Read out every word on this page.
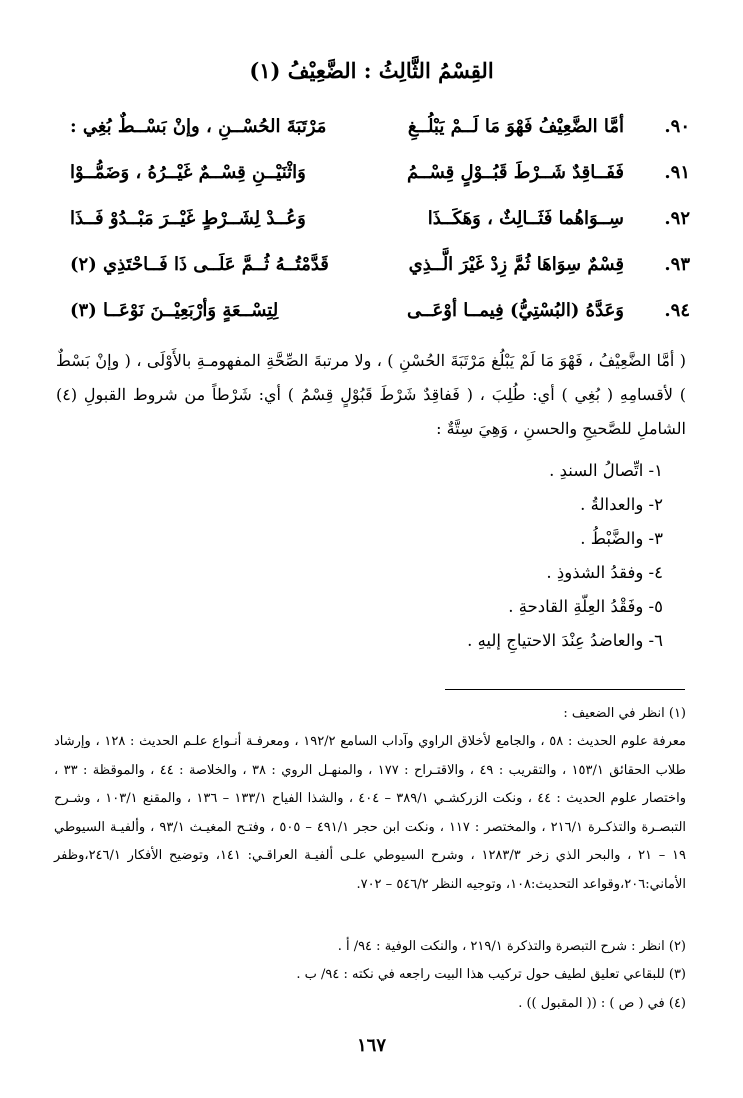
القِسْمُ الثَّالِثُ : الضَّعِيْفُ (١)
٩٠.
أمَّا الضَّعِيْفُ فَهْوَ مَا لَــمْ يَبْلُــغِ
مَرْتَبَةَ الحُسْــنِ ، وإنْ بَسْــطٌ بُغِي :
٩١.
فَفَــاقِدٌ شَــرْطَ قَبُــوْلٍ قِسْــمُ
وَاثْنَيْــنِ قِسْــمٌ غَيْــرُهُ ، وَضَمُّــوْا
٩٢.
سِــوَاهُما فَثَــالِثٌ ، وَهَكَــذَا
وَعُــدْ لِشَــرْطٍ غَيْــرَ مَبْــدُوْ فَــذَا
٩٣.
قِسْمٌ سِوَاهَا ثُمَّ زِدْ غَيْرَ الَّــذِي
قَدَّمْتُــهُ ثُــمَّ عَلَــى ذَا فَــاحْتَذِي (٢)
٩٤.
وَعَدَّهُ (البُسْتِيُّ) فِيمــا أوْعَــى
لِتِسْــعَةٍ وَأرْبَعِيْــنَ نَوْعَــا (٣)
( أمَّا الضَّعِيْفُ ، فَهْوَ مَا لَمْ يَبْلُغ مَرْتَبَةَ الحُسْنِ ) ، ولا مرتبةَ الصِّحَّةِ المفهومـةِ بالأَوْلَى ، ( وإنْ بَسْطٌ ) لأقسامِهِ ( بُغِي ) أي: طُلِبَ ، ( فَفاقِدٌ شَرْطَ قَبُوْلٍ قِسْمُ ) أي: شَرْطاً من شروط القبولِ (٤) الشاملِ للصَّحيحِ والحسنِ ، وَهِيَ سِتَّةٌ :
١- اتِّصالُ السندِ .
٢- والعدالةُ .
٣- والضَّبْطُ .
٤- وفقدُ الشذوذِ .
٥- وفَقْدُ العِلّةِ القادحةِ .
٦- والعاضدُ عِنْدَ الاحتياجِ إليهِ .
(١) انظر في الضعيف :
معرفة علوم الحديث : ٥٨ ، والجامع لأخلاق الراوي وآداب السامع ١٩٢/٢ ، ومعرفـة أنـواع علـم الحديث : ١٢٨ ، وإرشاد طلاب الحقائق ١٥٣/١ ، والتقريب : ٤٩ ، والاقتـراح : ١٧٧ ، والمنهـل الروي : ٣٨ ، والخلاصة : ٤٤ ، والموقظة : ٣٣ ، واختصار علوم الحديث : ٤٤ ، ونكت الزركشـي ٣٨٩/١ – ٤٠٤ ، والشذا الفياح ١٣٣/١ – ١٣٦ ، والمقنع ١٠٣/١ ، وشـرح التبصـرة والتذكـرة ٢١٦/١ ، والمختصر : ١١٧ ، ونكت ابن حجر ٤٩١/١ – ٥٠٥ ، وفتـح المغيـث ٩٣/١ ، وألفيـة السيوطي ١٩ – ٢١ ، والبحر الذي زخر ١٢٨٣/٣ ، وشرح السيوطي علـى ألفيـة العراقـي: ١٤١، وتوضيح الأفكار ٢٤٦/١،وظفر الأماني:٢٠٦،وقواعد التحديث:١٠٨، وتوجيه النظر ٥٤٦/٢ – ٧٠٢.
(٢) انظر : شرح التبصرة والتذكرة ٢١٩/١ ، والنكت الوفية : ٩٤/ أ .
(٣) للبقاعي تعليق لطيف حول تركيب هذا البيت راجعه في نكته : ٩٤/ ب .
(٤) في ( ص ) : (( المقبول )) .
١٦٧
